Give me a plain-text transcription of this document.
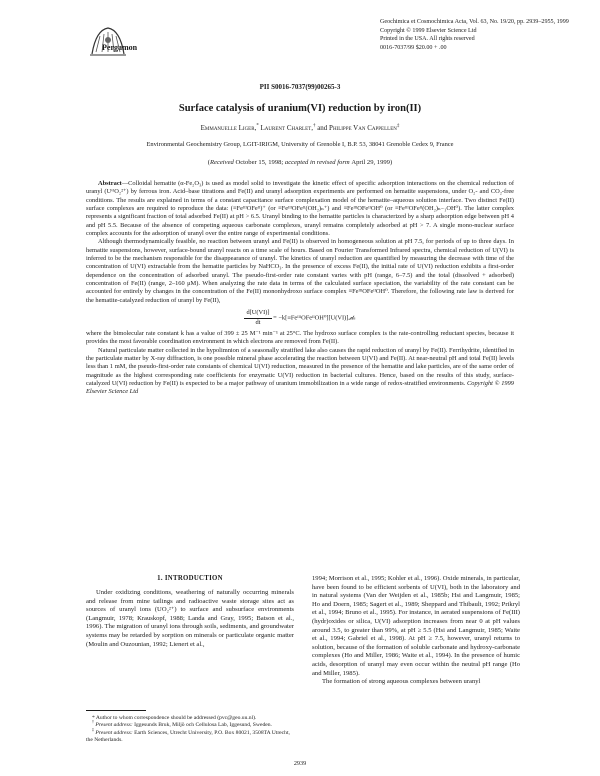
Pergamon
Geochimica et Cosmochimica Acta, Vol. 63, No. 19/20, pp. 2939–2955, 1999
Copyright © 1999 Elsevier Science Ltd
Printed in the USA. All rights reserved
0016-7037/99 $20.00 + .00
PII S0016-7037(99)00265-3
Surface catalysis of uranium(VI) reduction by iron(II)
Emmanuelle Liger,* Laurent Charlet,† and Philippe Van Cappellen‡
Environmental Geochemistry Group, LGIT-IRIGM, University of Grenoble I, B.P. 53, 38041 Grenoble Cedex 9, France
(Received October 15, 1998; accepted in revised form April 29, 1999)

Abstract—Colloidal hematite (α-Fe₂O₃) is used as model solid to investigate the kinetic effect of specific adsorption interactions on the chemical reduction of uranyl (UᵛᴵO₂²⁺) by ferrous iron. Acid–base titrations and Fe(II) and uranyl adsorption experiments are performed on hematite suspensions, under O₂- and CO₂-free conditions. The results are explained in terms of a constant capacitance surface complexation model of the hematite–aqueous solution interface. Two distinct Fe(II) surface complexes are required to reproduce the data: (≡FeᴵᴵᴵOFeᴵᴵ)⁺ (or ≡FeᴵᴵᴵOFeᴵᴵ(OH₂)ₙ⁺) and ≡FeᴵᴵᴵOFeᴵᴵOH⁰ (or ≡FeᴵᴵᴵOFeᴵᴵ(OH₂)ₙ₋₁OH⁰). The latter complex represents a significant fraction of total adsorbed Fe(II) at pH > 6.5. Uranyl binding to the hematite particles is characterized by a sharp adsorption edge between pH 4 and pH 5.5. Because of the absence of competing aqueous carbonate complexes, uranyl remains completely adsorbed at pH > 7. A single mono-nuclear surface complex accounts for the adsorption of uranyl over the entire range of experimental conditions.

Although thermodynamically feasible, no reaction between uranyl and Fe(II) is observed in homogeneous solution at pH 7.5, for periods of up to three days. In hematite suspensions, however, surface-bound uranyl reacts on a time scale of hours. Based on Fourier Transformed Infrared spectra, chemical reduction of U(VI) is inferred to be the mechanism responsible for the disappearance of uranyl. The kinetics of uranyl reduction are quantified by measuring the decrease with time of the concentration of U(VI) extractable from the hematite particles by NaHCO₃. In the presence of excess Fe(II), the initial rate of U(VI) reduction exhibits a first-order dependence on the concentration of adsorbed uranyl. The pseudo-first-order rate constant varies with pH (range, 6–7.5) and the total (dissolved + adsorbed) concentration of Fe(II) (range, 2–160 μM). When analyzing the rate data in terms of the calculated surface speciation, the variability of the rate constant can be accounted for entirely by changes in the concentration of the Fe(II) mononhydroxo surface complex ≡FeᴵᴵᴵOFeᴵᴵOH⁰. Therefore, the following rate law is derived for the hematite-catalyzed reduction of uranyl by Fe(II),

$\frac{d[U(VI)]}{dt}$ = −k[≡FeᴵᴵᴵOFeᴵᴵOH⁰][U(VI)]ₐ𝒹ₛ

where the bimolecular rate constant k has a value of 399 ± 25 M⁻¹ min⁻¹ at 25°C. The hydroxo surface complex is the rate-controlling reductant species, because it provides the most favorable coordination environment in which electrons are removed from Fe(II).

Natural particulate matter collected in the hypolimnion of a seasonally stratified lake also causes the rapid reduction of uranyl by Fe(II). Ferrihydrite, identified in the particulate matter by X-ray diffraction, is one possible mineral phase accelerating the reaction between U(VI) and Fe(II). At near-neutral pH and total Fe(II) levels less than 1 mM, the pseudo-first-order rate constants of chemical U(VI) reduction, measured in the presence of the hematite and lake particles, are of the same order of magnitude as the highest corresponding rate coefficients for enzymatic U(VI) reduction in bacterial cultures. Hence, based on the results of this study, surface-catalyzed U(VI) reduction by Fe(II) is expected to be a major pathway of uranium immobilization in a wide range of redox-stratified environments. Copyright © 1999 Elsevier Science Ltd

1. INTRODUCTION

Under oxidizing conditions, weathering of naturally occurring minerals and release from mine tailings and radioactive waste storage sites act as sources of uranyl ions (UO₂²⁺) to surface and subsurface environments (Langmuir, 1978; Krauskopf, 1988; Landa and Gray, 1995; Batson et al., 1996). The migration of uranyl ions through soils, sediments, and groundwater systems may be retarded by sorption on minerals or particulate organic matter (Moulin and Ouzounian, 1992; Lienert et al.,

1994; Morrison et al., 1995; Kohler et al., 1996). Oxide minerals, in particular, have been found to be efficient sorbents of U(VI), both in the laboratory and in natural systems (Van der Weijden et al., 1985b; Hsi and Langmuir, 1985; Ho and Doern, 1985; Sagert et al., 1989; Sheppard and Thibault, 1992; Prikryl et al., 1994; Bruno et al., 1995). For instance, in aerated suspensions of Fe(III) (hydr)oxides or silica, U(VI) adsorption increases from near 0 at pH values around 3.5, to greater than 99%, at pH ≥ 5.5 (Hsi and Langmuir, 1985; Waite et al., 1994; Gabriel et al., 1998). At pH ≥ 7.5, however, uranyl returns to solution, because of the formation of soluble carbonate and hydroxy-carbonate complexes (Ho and Miller, 1986; Waite et al., 1994). In the presence of humic acids, desorption of uranyl may even occur within the neutral pH range (Ho and Miller, 1985).

The formation of strong aqueous complexes between uranyl

* Author to whom correspondence should be addressed (pvc@geo.uu.nl).
† Present address: Iggesunds Bruk, Miljö och Cellulosa Lab, Iggesund, Sweden.
‡ Present address: Earth Sciences, Utrecht University, P.O. Box 80021, 3508TA Utrecht, the Netherlands.
2939
